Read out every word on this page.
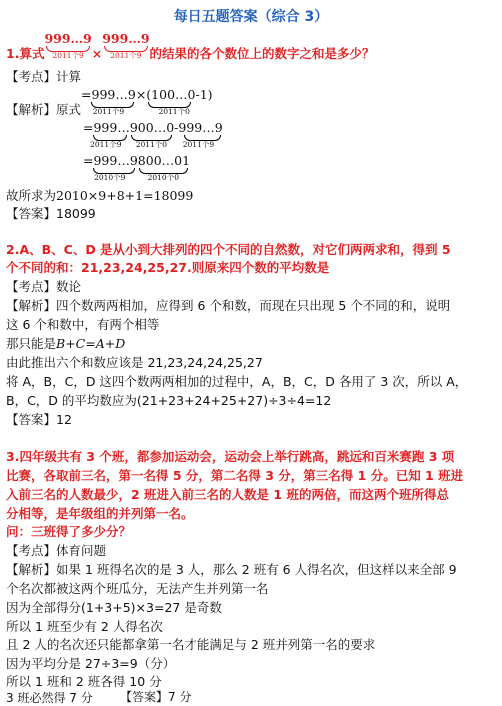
每日五题答案（综合 3）
1.算式
999…9
2011个9 ×
999…9
2011个9 的结果的各个数位上的数字之和是多少？
【考点】计算
【解析】原式
=999…9
2011个9
×(100…0-1)
2011个0
=999…900…0
2011个9	2011个0
-999…9
2011个9
=999…9800…01
2010个9	2010个0
故所求为2010×9+8+1=18099
【答案】18099
2.A、B、C、D 是从小到大排列的四个不同的自然数，对它们两两求和，得到 5
个不同的和：21,23,24,25,27.则原来四个数的平均数是
【考点】数论
【解析】四个数两两相加，应得到 6 个和数，而现在只出现 5 个不同的和，说明
这 6 个和数中，有两个相等
那只能是B+C=A+D
由此推出六个和数应该是 21,23,24,24,25,27
将 A，B，C，D 这四个数两两相加的过程中，A，B，C，D 各用了 3 次，所以 A，
B，C，D 的平均数应为(21+23+24+25+27)÷3÷4=12
【答案】12
3.四年级共有 3 个班，都参加运动会，运动会上举行跳高，跳远和百米赛跑 3 项
比赛，各取前三名，第一名得 5 分，第二名得 3 分，第三名得 1 分。已知 1 班进
入前三名的人数最少，2 班进入前三名的人数是 1 班的两倍，而这两个班所得总
分相等，是年级组的并列第一名。
问：三班得了多少分？
【考点】体育问题
【解析】如果 1 班得名次的是 3 人，那么 2 班有 6 人得名次，但这样以来全部 9
个名次都被这两个班瓜分，无法产生并列第一名
因为全部得分(1+3+5)×3=27 是奇数
所以 1 班至少有 2 人得名次
且 2 人的名次还只能都拿第一名才能满足与 2 班并列第一名的要求
因为平均分是 27÷3=9（分）
所以 1 班和 2 班各得 10 分
3 班必然得 7 分 【答案】7 分
